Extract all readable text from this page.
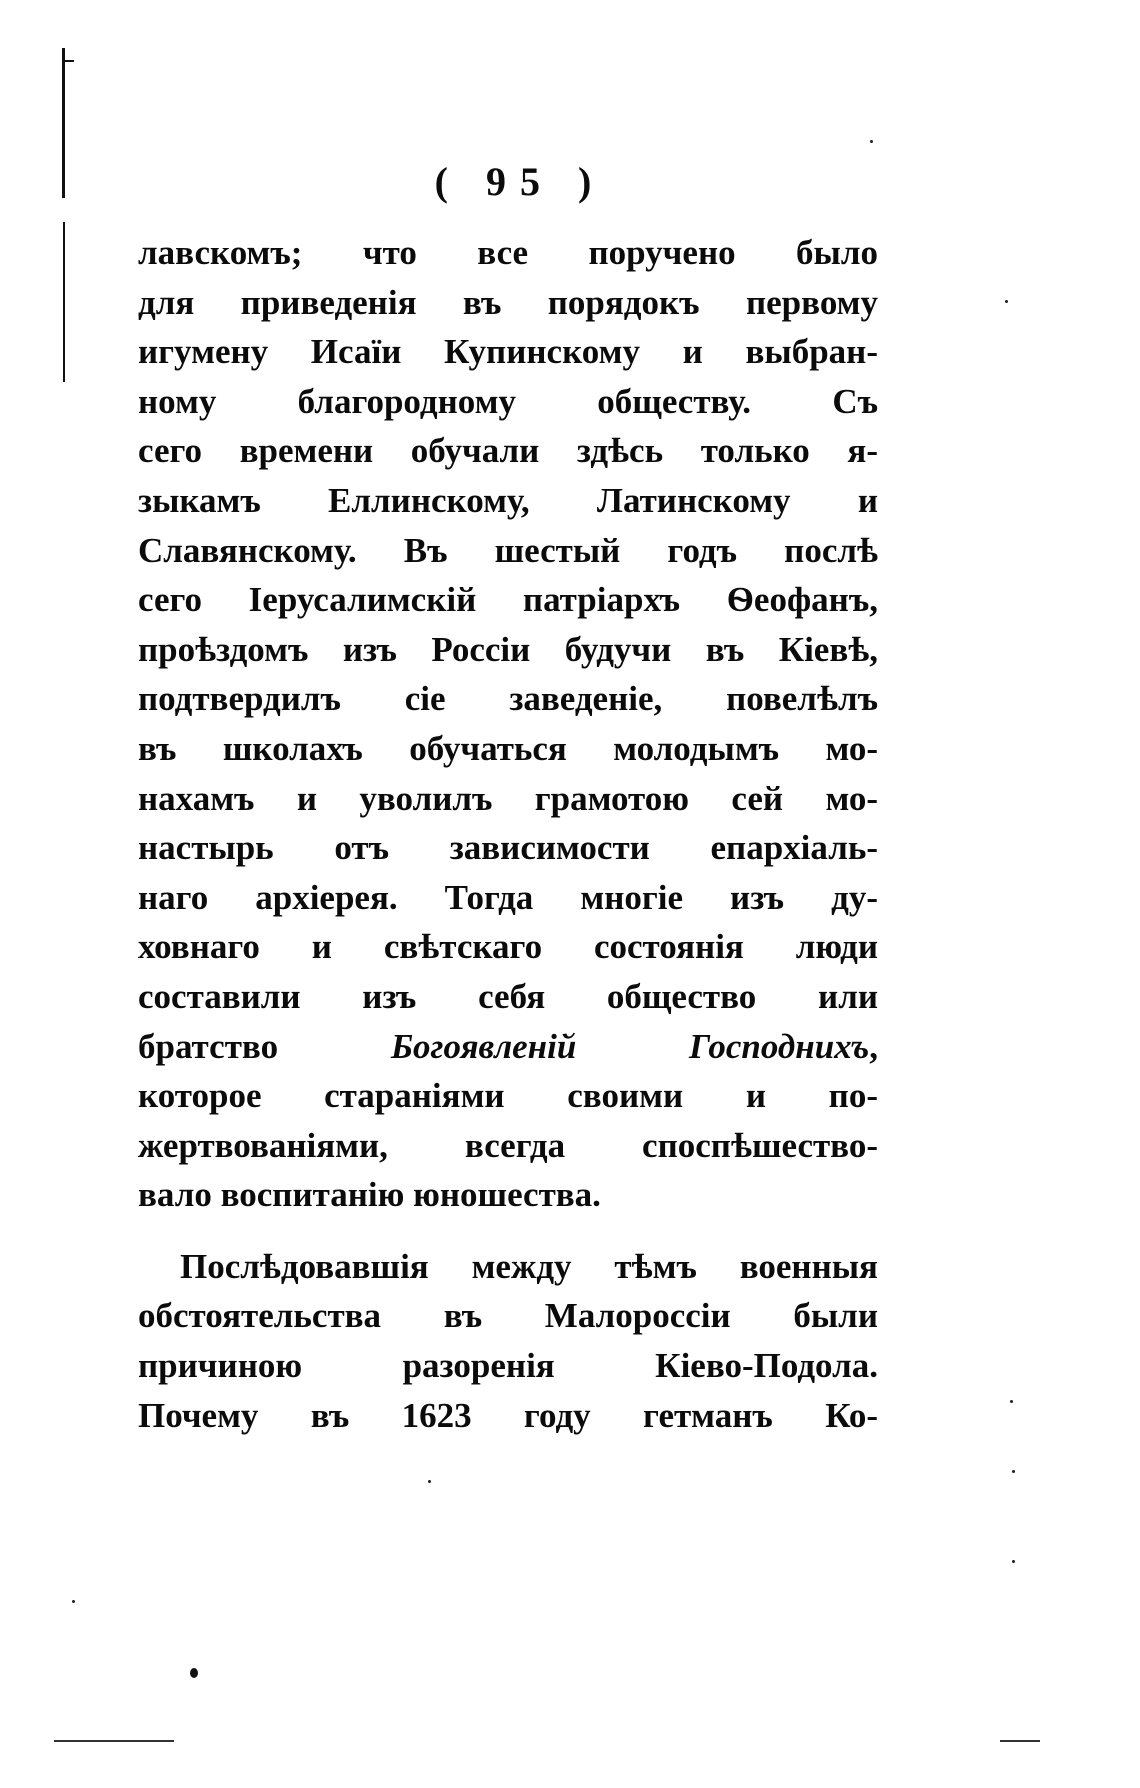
( 95 )
лавскомъ; что все поручено было
для приведенія въ порядокъ первому
игумену Исаїи Купинскому и выбран-
ному благородному обществу. Съ
сего времени обучали здѣсь только я-
зыкамъ Еллинскому, Латинскому и
Славянскому. Въ шестый годъ послѣ
сего Іерусалимскій патріархъ Ѳеофанъ,
проѣздомъ изъ Россіи будучи въ Кіевѣ,
подтвердилъ сіе заведеніе, повелѣлъ
въ школахъ обучаться молодымъ мо-
нахамъ и уволилъ грамотою сей мо-
настырь отъ зависимости епархіаль-
наго архіерея. Тогда многіе изъ ду-
ховнаго и свѣтскаго состоянія люди
составили изъ себя общество или
братство Богоявленій Господнихъ,
которое стараніями своими и по-
жертвованіями, всегда споспѣшество-
вало воспитанію юношества.
Послѣдовавшія между тѣмъ военныя
обстоятельства въ Малороссіи были
причиною разоренія Кіево-Подола.
Почему въ 1623 году гетманъ Ко-
